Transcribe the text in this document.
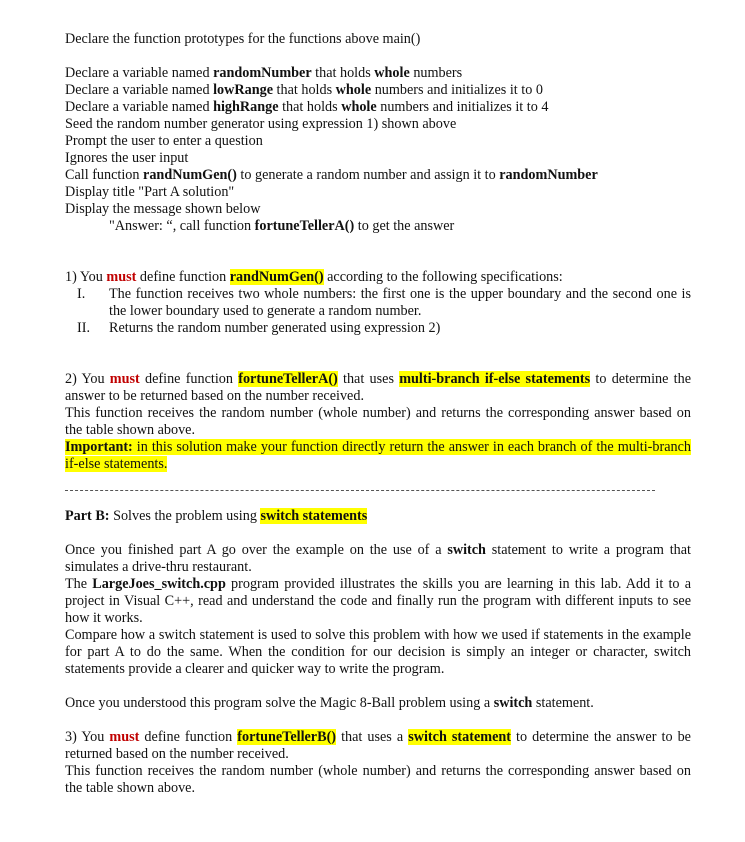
Declare the function prototypes for the functions above main()

Declare a variable named randomNumber that holds whole numbers

Declare a variable named lowRange that holds whole numbers and initializes it to 0

Declare a variable named highRange that holds whole numbers and initializes it to 4

Seed the random number generator using expression 1) shown above

Prompt the user to enter a question

Ignores the user input

Call function randNumGen() to generate a random number and assign it to randomNumber

Display title "Part A solution"

Display the message shown below

"Answer: “, call function fortuneTellerA() to get the answer

1) You must define function randNumGen() according to the following specifications:

I.	The function receives two whole numbers: the first one is the upper boundary and the second one is the lower boundary used to generate a random number.
II.	Returns the random number generated using expression 2)

2) You must define function fortuneTellerA() that uses multi-branch if-else statements to determine the answer to be returned based on the number received.

This function receives the random number (whole number) and returns the corresponding answer based on the table shown above.

Important: in this solution make your function directly return the answer in each branch of the multi-branch if-else statements.

Part B: Solves the problem using switch statements

Once you finished part A go over the example on the use of a switch statement to write a program that simulates a drive-thru restaurant.

The LargeJoes_switch.cpp program provided illustrates the skills you are learning in this lab. Add it to a project in Visual C++, read and understand the code and finally run the program with different inputs to see how it works.

Compare how a switch statement is used to solve this problem with how we used if statements in the example for part A to do the same. When the condition for our decision is simply an integer or character, switch statements provide a clearer and quicker way to write the program.

Once you understood this program solve the Magic 8-Ball problem using a switch statement.

3) You must define function fortuneTellerB() that uses a switch statement to determine the answer to be returned based on the number received.

This function receives the random number (whole number) and returns the corresponding answer based on the table shown above.
